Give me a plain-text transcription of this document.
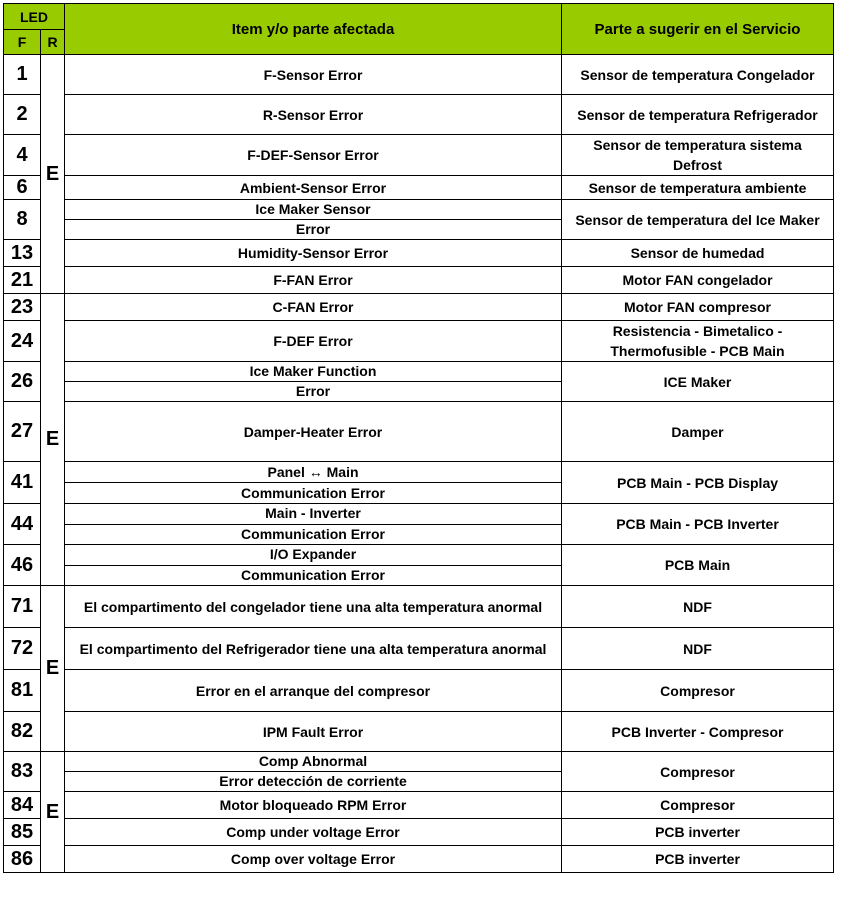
LED		Item y/o parte afectada	Parte a sugerir en el Servicio
F	R		
1	E	F-Sensor Error	Sensor de temperatura Congelador

2		R-Sensor Error	Sensor de temperatura Refrigerador

4		F-DEF-Sensor Error	Sensor de temperatura sistema
Defrost

6		Ambient-Sensor Error	Sensor de temperatura ambiente

8		Ice Maker Sensor
Error	Sensor de temperatura del Ice Maker

13		Humidity-Sensor Error	Sensor de humedad

21		F-FAN Error	Motor FAN congelador

23	E	C-FAN Error	Motor FAN compresor

24		F-DEF Error	Resistencia - Bimetalico -
Thermofusible - PCB Main

26		Ice Maker Function
Error	ICE Maker

27		Damper-Heater Error	Damper

41		Panel ↔ Main
Communication Error	PCB Main - PCB Display

44		Main - Inverter
Communication Error	PCB Main - PCB Inverter

46		I/O Expander
Communication Error	PCB Main

71	E	El compartimento del congelador tiene una alta temperatura anormal	NDF

72		El compartimento del Refrigerador tiene una alta temperatura anormal	NDF

81		Error en el arranque del compresor	Compresor

82		IPM Fault Error	PCB Inverter - Compresor

83	E	Comp Abnormal
Error detección de corriente	Compresor

84		Motor bloqueado RPM Error	Compresor

85		Comp under voltage Error	PCB inverter

86		Comp over voltage Error	PCB inverter
